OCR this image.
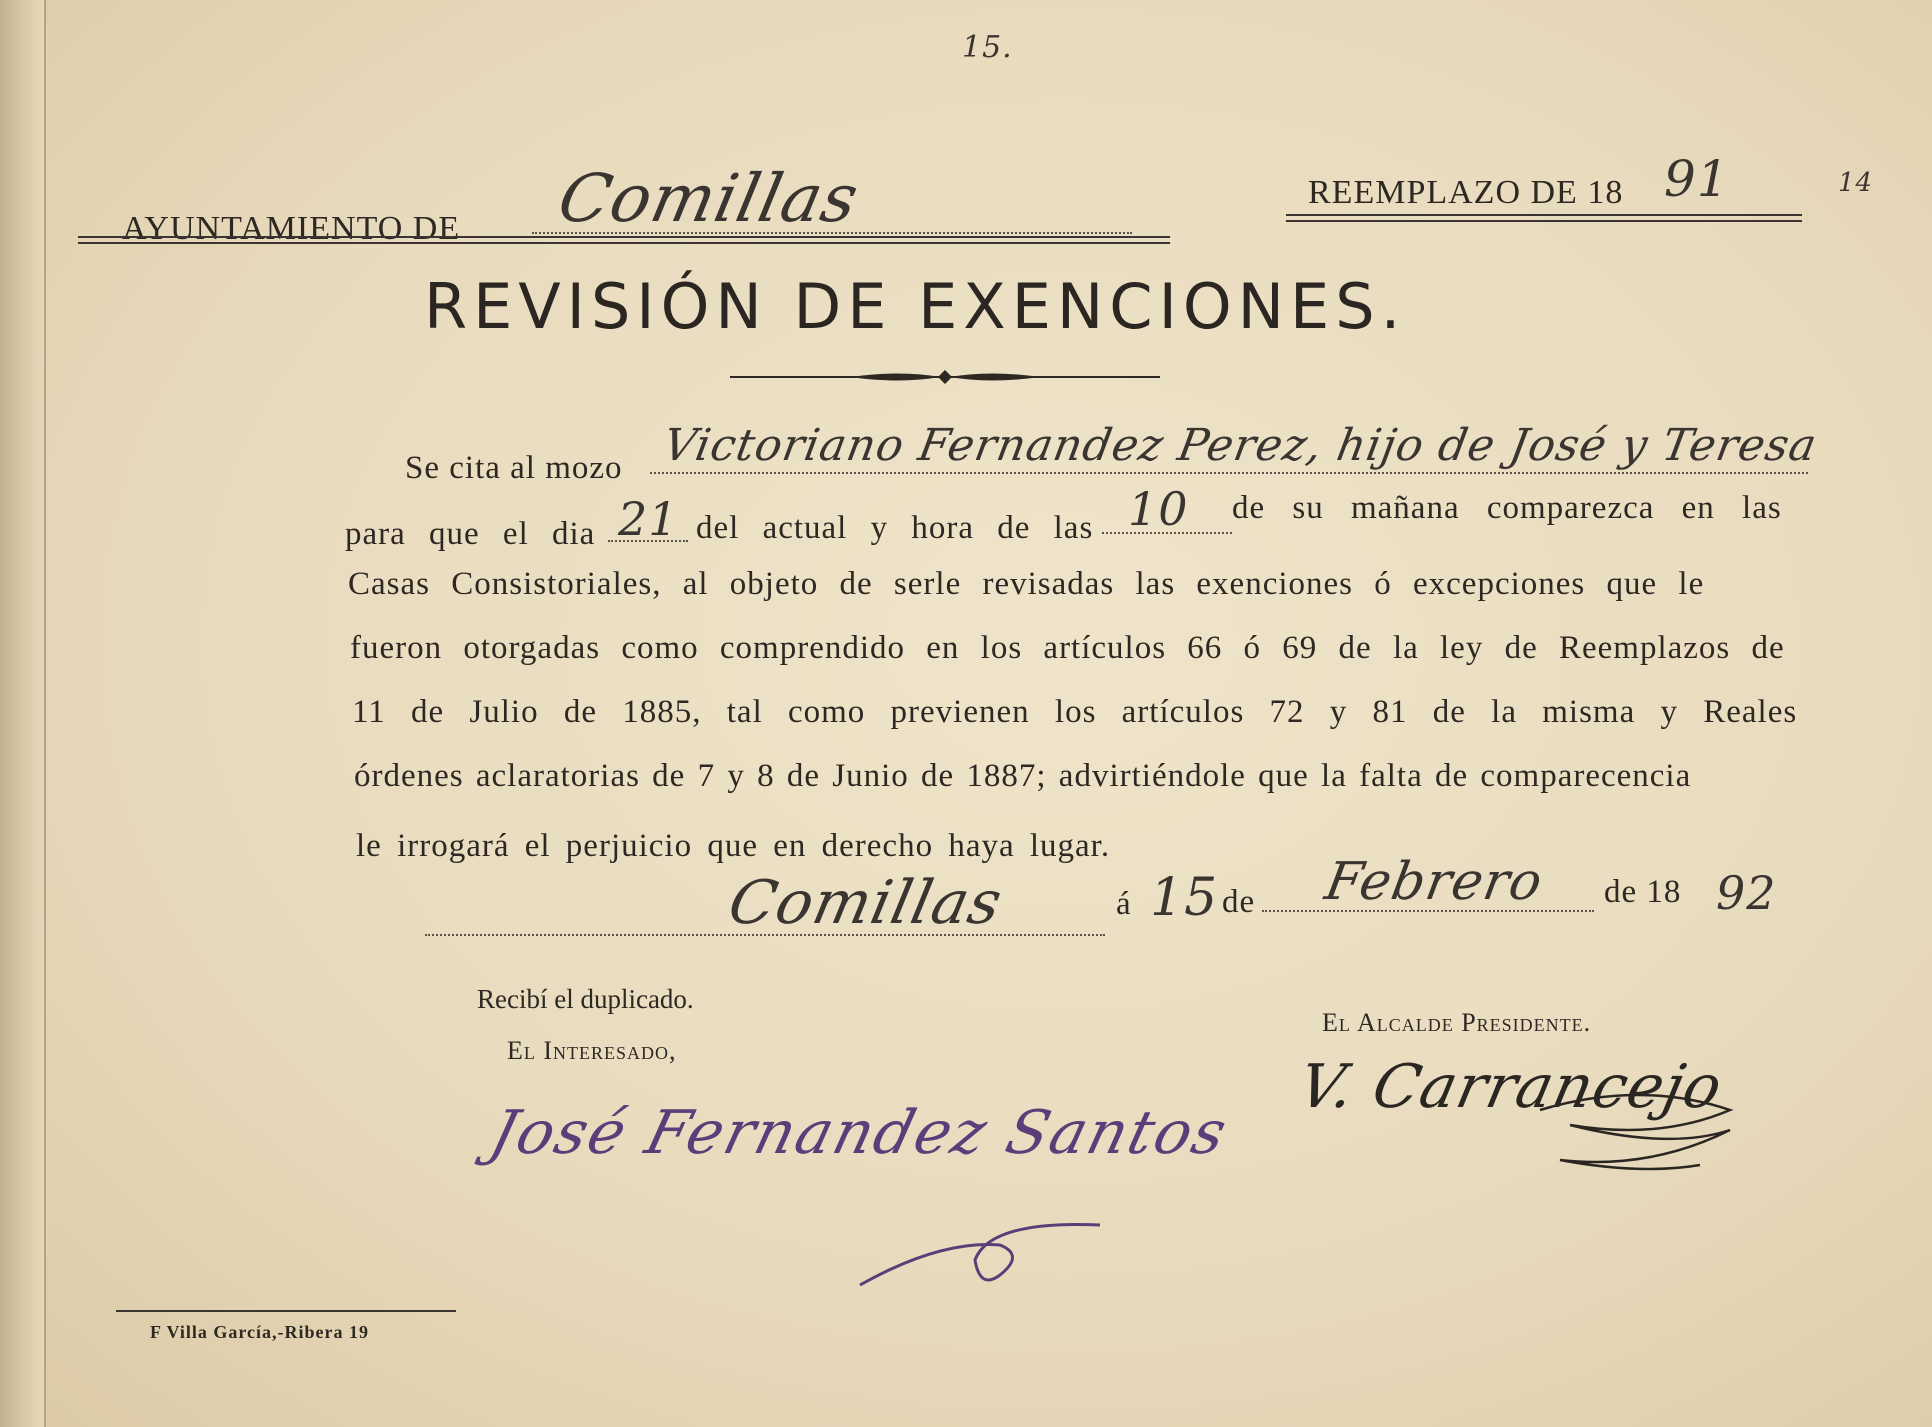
15.
AYUNTAMIENTO DE Comillas	REEMPLAZO DE 18 91	14
REVISIÓN DE EXENCIONES.
Se cita al mozo Victoriano Fernandez Perez, hijo de José y Teresa
para que el dia 21 del actual y hora de las 10 de su mañana comparezca en las
Casas Consistoriales, al objeto de serle revisadas las exenciones ó excepciones que le
fueron otorgadas como comprendido en los artículos 66 ó 69 de la ley de Reemplazos de
11 de Julio de 1885, tal como previenen los artículos 72 y 81 de la misma y Reales
órdenes aclaratorias de 7 y 8 de Junio de 1887; advirtiéndole que la falta de comparecencia
le irrogará el perjuicio que en derecho haya lugar.
Comillas	á 15 de Febrero de 18 92
Recibí el duplicado.
El Interesado,
José Fernandez Santos
El Alcalde Presidente.
V. Carrancejo
F Villa García,-Ribera 19
